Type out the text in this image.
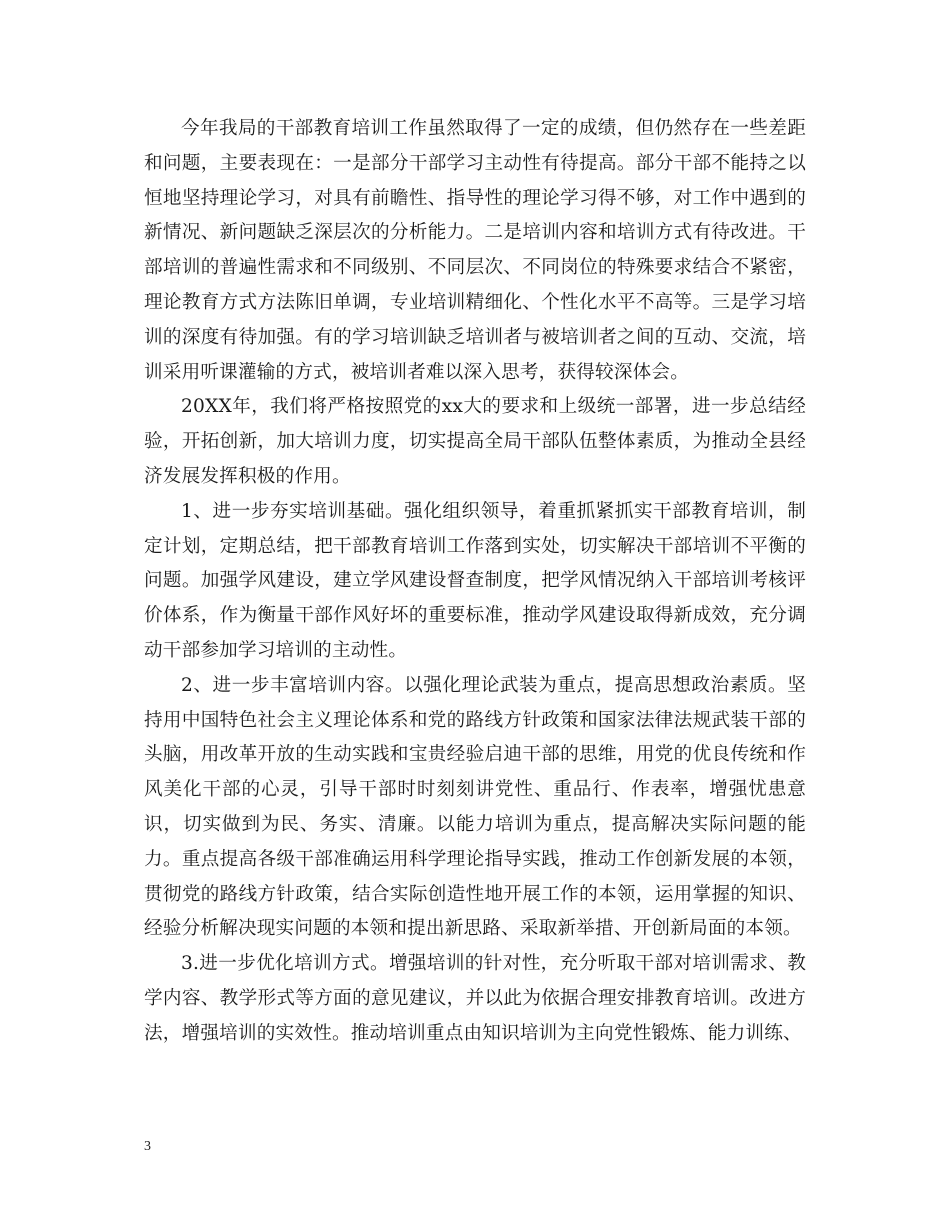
今年我局的干部教育培训工作虽然取得了一定的成绩，但仍然存在一些差距和问题，主要表现在：一是部分干部学习主动性有待提高。部分干部不能持之以恒地坚持理论学习，对具有前瞻性、指导性的理论学习得不够，对工作中遇到的新情况、新问题缺乏深层次的分析能力。二是培训内容和培训方式有待改进。干部培训的普遍性需求和不同级别、不同层次、不同岗位的特殊要求结合不紧密，理论教育方式方法陈旧单调，专业培训精细化、个性化水平不高等。三是学习培训的深度有待加强。有的学习培训缺乏培训者与被培训者之间的互动、交流，培训采用听课灌输的方式，被培训者难以深入思考，获得较深体会。

20XX年，我们将严格按照党的xx大的要求和上级统一部署，进一步总结经验，开拓创新，加大培训力度，切实提高全局干部队伍整体素质，为推动全县经济发展发挥积极的作用。

1、进一步夯实培训基础。强化组织领导，着重抓紧抓实干部教育培训，制定计划，定期总结，把干部教育培训工作落到实处，切实解决干部培训不平衡的问题。加强学风建设，建立学风建设督查制度，把学风情况纳入干部培训考核评价体系，作为衡量干部作风好坏的重要标准，推动学风建设取得新成效，充分调动干部参加学习培训的主动性。

2、进一步丰富培训内容。以强化理论武装为重点，提高思想政治素质。坚持用中国特色社会主义理论体系和党的路线方针政策和国家法律法规武装干部的头脑，用改革开放的生动实践和宝贵经验启迪干部的思维，用党的优良传统和作风美化干部的心灵，引导干部时时刻刻讲党性、重品行、作表率，增强忧患意识，切实做到为民、务实、清廉。以能力培训为重点，提高解决实际问题的能力。重点提高各级干部准确运用科学理论指导实践，推动工作创新发展的本领，贯彻党的路线方针政策，结合实际创造性地开展工作的本领，运用掌握的知识、经验分析解决现实问题的本领和提出新思路、采取新举措、开创新局面的本领。

3.进一步优化培训方式。增强培训的针对性，充分听取干部对培训需求、教学内容、教学形式等方面的意见建议，并以此为依据合理安排教育培训。改进方法，增强培训的实效性。推动培训重点由知识培训为主向党性锻炼、能力训练、

3
